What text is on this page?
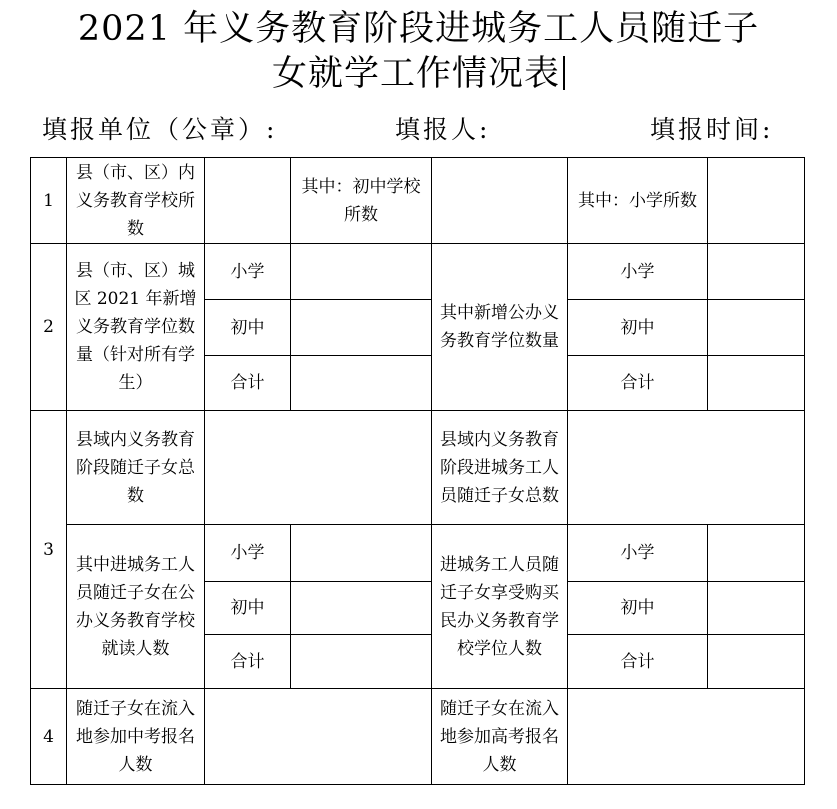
2021 年义务教育阶段进城务工人员随迁子
女就学工作情况表
填报单位（公章）:	填报人:	填报时间:
1	县（市、区）内义务教育学校所数		其中：初中学校所数		其中：小学所数	
2	县（市、区）城区 2021 年新增义务教育学位数量（针对所有学生）	小学		其中新增公办义务教育学位数量	小学	
		初中			初中	
		合计			合计	
3	县域内义务教育阶段随迁子女总数			县域内义务教育阶段进城务工人员随迁子女总数		
	其中进城务工人员随迁子女在公办义务教育学校就读人数	小学		进城务工人员随迁子女享受购买民办义务教育学校学位人数	小学	
		初中			初中	
		合计			合计	
4	随迁子女在流入地参加中考报名人数			随迁子女在流入地参加高考报名人数		
